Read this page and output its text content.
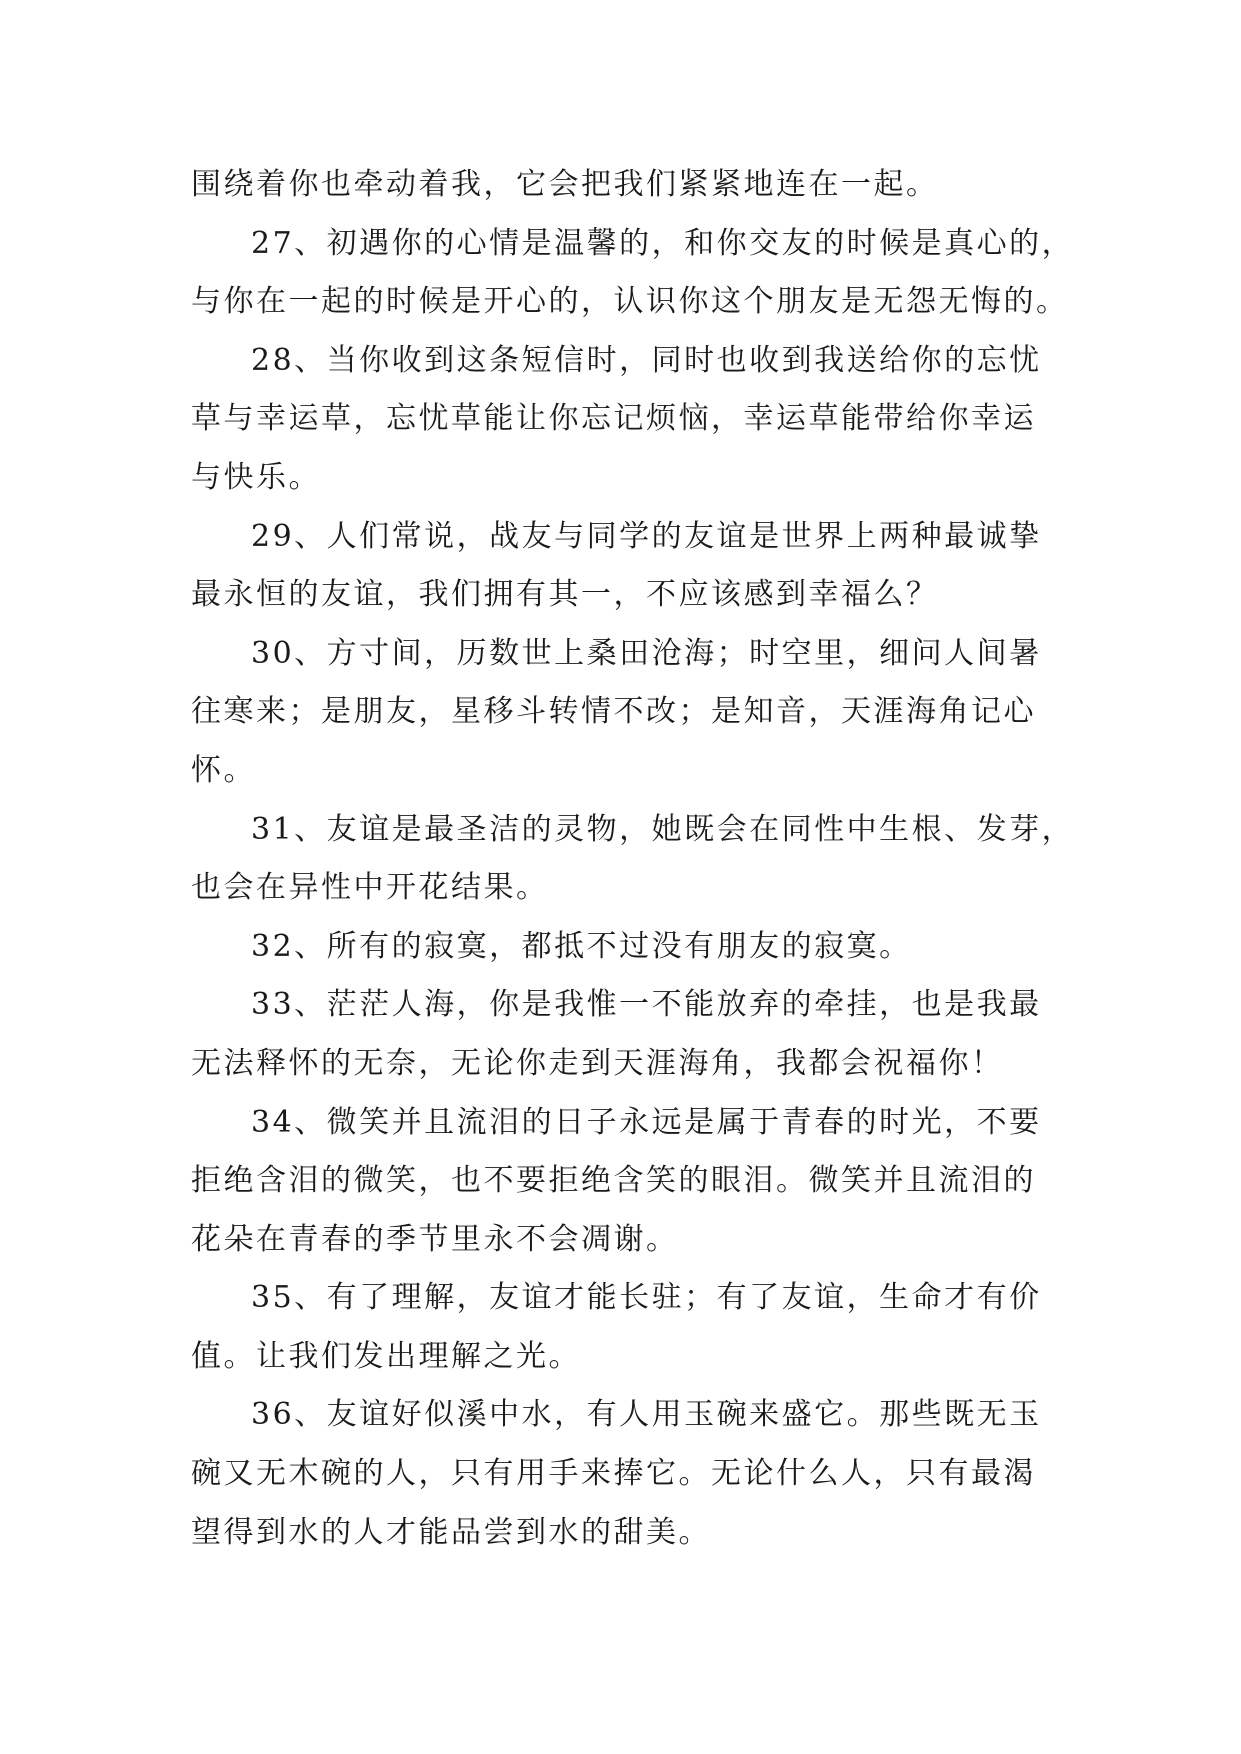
围绕着你也牵动着我，它会把我们紧紧地连在一起。
27、初遇你的心情是温馨的，和你交友的时候是真心的，
与你在一起的时候是开心的，认识你这个朋友是无怨无悔的。
28、当你收到这条短信时，同时也收到我送给你的忘忧
草与幸运草，忘忧草能让你忘记烦恼，幸运草能带给你幸运
与快乐。
29、人们常说，战友与同学的友谊是世界上两种最诚挚
最永恒的友谊，我们拥有其一，不应该感到幸福么？
30、方寸间，历数世上桑田沧海；时空里，细问人间暑
往寒来；是朋友，星移斗转情不改；是知音，天涯海角记心
怀。
31、友谊是最圣洁的灵物，她既会在同性中生根、发芽，
也会在异性中开花结果。
32、所有的寂寞，都抵不过没有朋友的寂寞。
33、茫茫人海，你是我惟一不能放弃的牵挂，也是我最
无法释怀的无奈，无论你走到天涯海角，我都会祝福你！
34、微笑并且流泪的日子永远是属于青春的时光，不要
拒绝含泪的微笑，也不要拒绝含笑的眼泪。微笑并且流泪的
花朵在青春的季节里永不会凋谢。
35、有了理解，友谊才能长驻；有了友谊，生命才有价
值。让我们发出理解之光。
36、友谊好似溪中水，有人用玉碗来盛它。那些既无玉
碗又无木碗的人，只有用手来捧它。无论什么人，只有最渴
望得到水的人才能品尝到水的甜美。
